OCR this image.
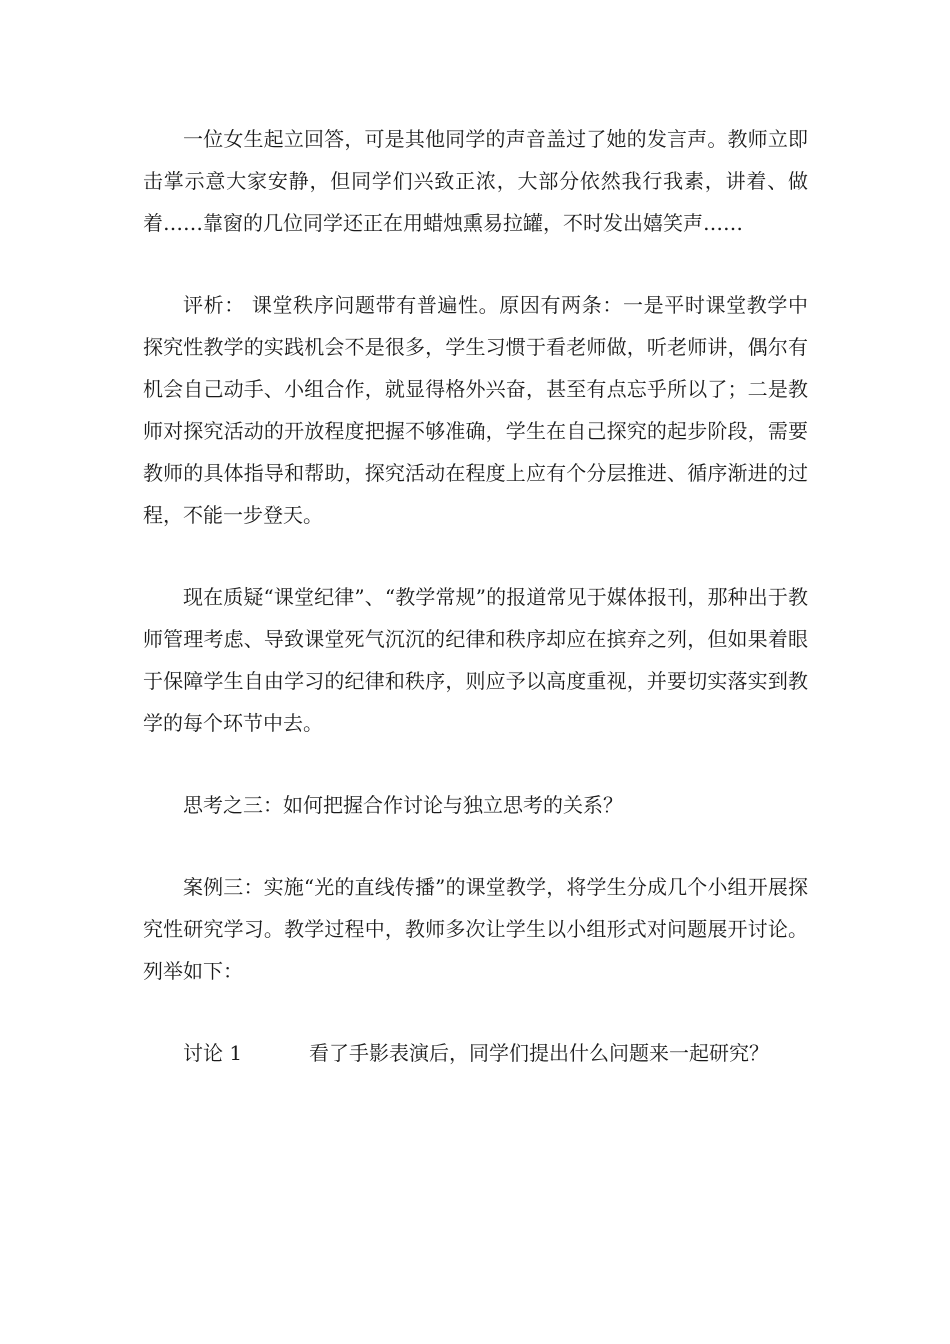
一位女生起立回答，可是其他同学的声音盖过了她的发言声。教师立即击掌示意大家安静，但同学们兴致正浓，大部分依然我行我素，讲着、做着……靠窗的几位同学还正在用蜡烛熏易拉罐，不时发出嬉笑声……

评析： 课堂秩序问题带有普遍性。原因有两条：一是平时课堂教学中探究性教学的实践机会不是很多，学生习惯于看老师做，听老师讲，偶尔有机会自己动手、小组合作，就显得格外兴奋，甚至有点忘乎所以了；二是教师对探究活动的开放程度把握不够准确，学生在自己探究的起步阶段，需要教师的具体指导和帮助，探究活动在程度上应有个分层推进、循序渐进的过程，不能一步登天。

现在质疑“课堂纪律”、“教学常规”的报道常见于媒体报刊，那种出于教师管理考虑、导致课堂死气沉沉的纪律和秩序却应在摈弃之列，但如果着眼于保障学生自由学习的纪律和秩序，则应予以高度重视，并要切实落实到教学的每个环节中去。

思考之三：如何把握合作讨论与独立思考的关系？

案例三：实施“光的直线传播”的课堂教学，将学生分成几个小组开展探究性研究学习。教学过程中，教师多次让学生以小组形式对问题展开讨论。列举如下：

讨论 1	看了手影表演后，同学们提出什么问题来一起研究？
